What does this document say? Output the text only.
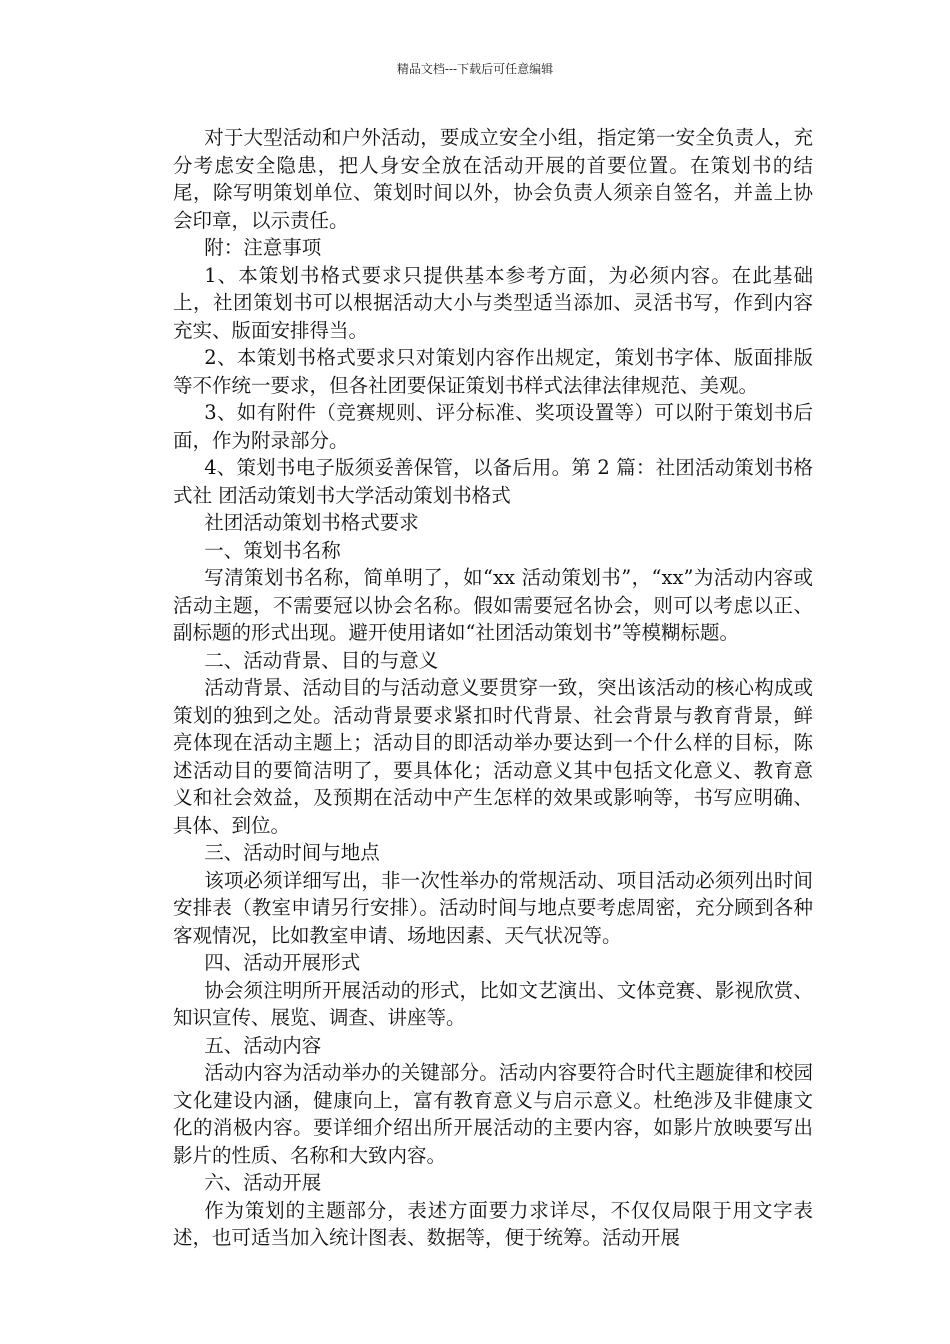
精品文档---下载后可任意编辑

对于大型活动和户外活动，要成立安全小组，指定第一安全负责人，充分考虑安全隐患，把人身安全放在活动开展的首要位置。在策划书的结尾，除写明策划单位、策划时间以外，协会负责人须亲自签名，并盖上协会印章，以示责任。

附：注意事项

1、本策划书格式要求只提供基本参考方面，为必须内容。在此基础上，社团策划书可以根据活动大小与类型适当添加、灵活书写，作到内容充实、版面安排得当。

2、本策划书格式要求只对策划内容作出规定，策划书字体、版面排版等不作统一要求，但各社团要保证策划书样式法律法律规范、美观。

3、如有附件（竞赛规则、评分标准、奖项设置等）可以附于策划书后面，作为附录部分。

4、策划书电子版须妥善保管，以备后用。第 2 篇：社团活动策划书格式社 团活动策划书大学活动策划书格式

社团活动策划书格式要求

一、策划书名称

写清策划书名称，简单明了，如“xx 活动策划书”，“xx”为活动内容或活动主题，不需要冠以协会名称。假如需要冠名协会，则可以考虑以正、副标题的形式出现。避开使用诸如“社团活动策划书”等模糊标题。

二、活动背景、目的与意义

活动背景、活动目的与活动意义要贯穿一致，突出该活动的核心构成或策划的独到之处。活动背景要求紧扣时代背景、社会背景与教育背景，鲜亮体现在活动主题上；活动目的即活动举办要达到一个什么样的目标，陈述活动目的要简洁明了，要具体化；活动意义其中包括文化意义、教育意义和社会效益，及预期在活动中产生怎样的效果或影响等，书写应明确、具体、到位。

三、活动时间与地点

该项必须详细写出，非一次性举办的常规活动、项目活动必须列出时间安排表（教室申请另行安排）。活动时间与地点要考虑周密，充分顾到各种客观情况，比如教室申请、场地因素、天气状况等。

四、活动开展形式

协会须注明所开展活动的形式，比如文艺演出、文体竞赛、影视欣赏、知识宣传、展览、调查、讲座等。

五、活动内容

活动内容为活动举办的关键部分。活动内容要符合时代主题旋律和校园文化建设内涵，健康向上，富有教育意义与启示意义。杜绝涉及非健康文化的消极内容。要详细介绍出所开展活动的主要内容，如影片放映要写出影片的性质、名称和大致内容。

六、活动开展

作为策划的主题部分，表述方面要力求详尽，不仅仅局限于用文字表述，也可适当加入统计图表、数据等，便于统筹。活动开展
